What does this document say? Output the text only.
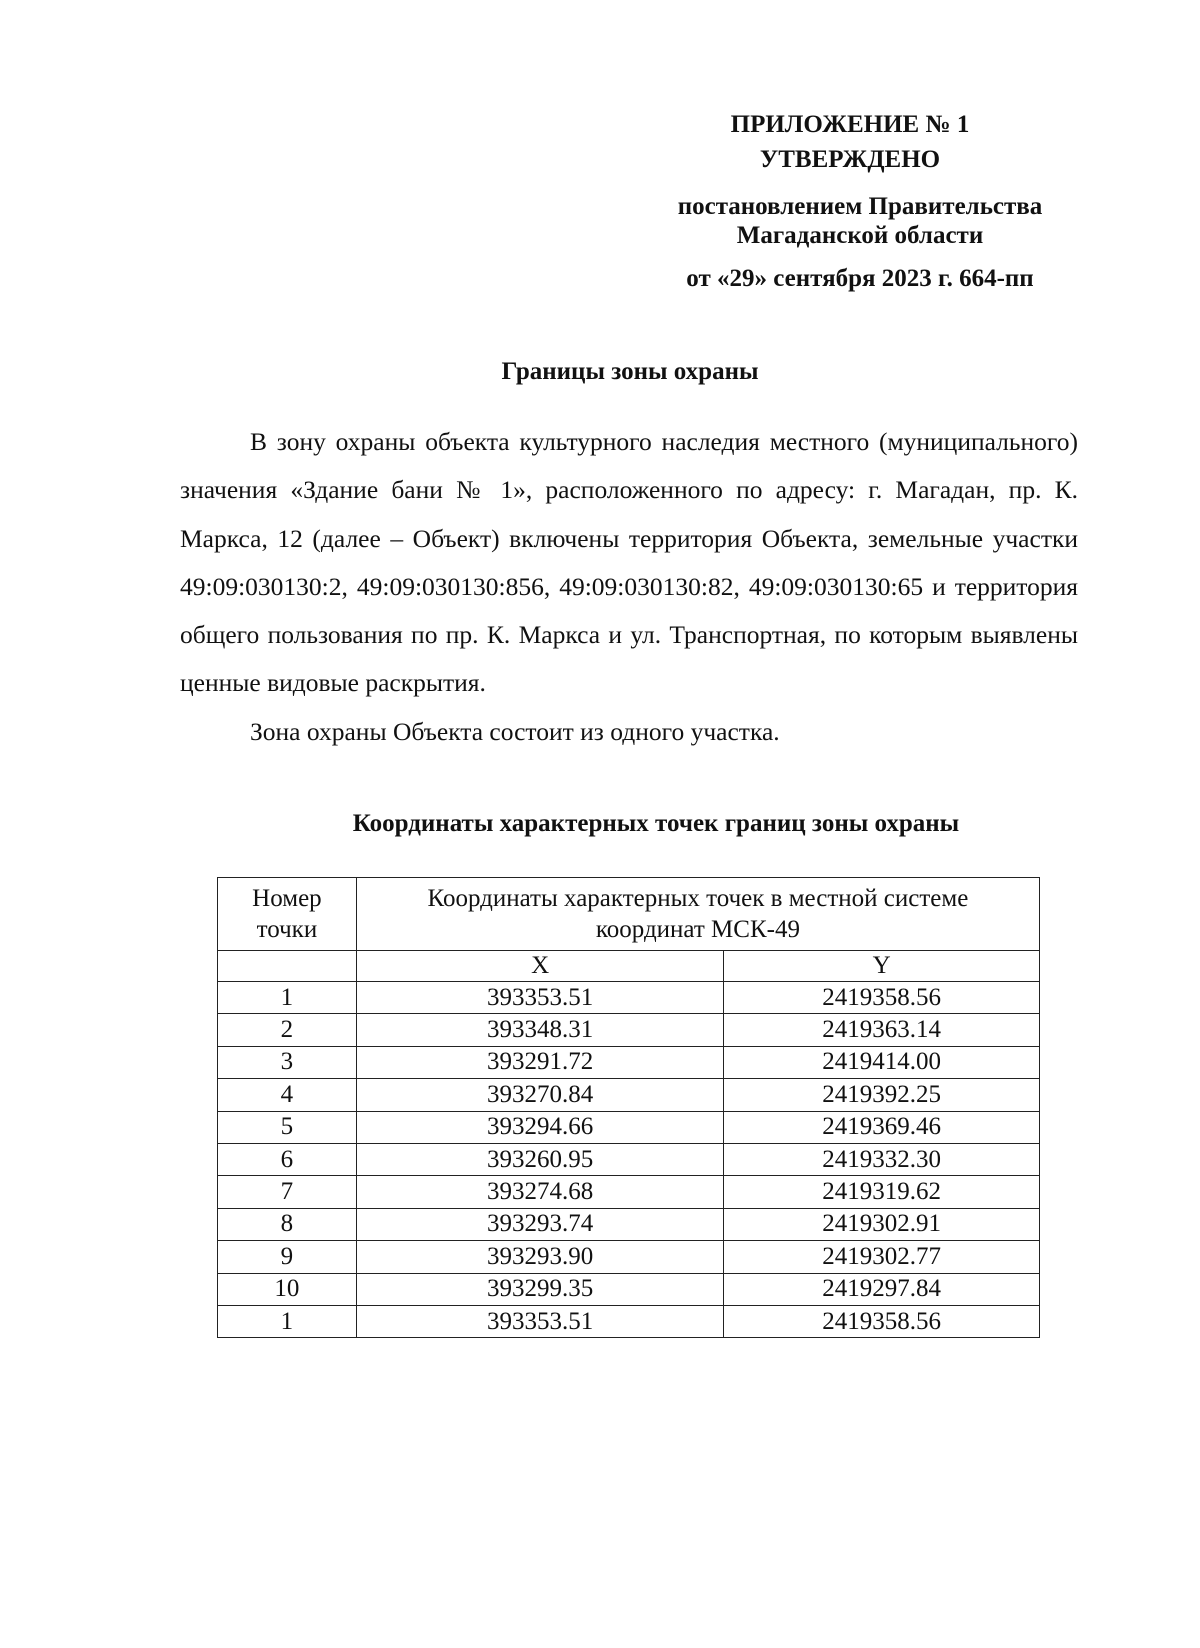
ПРИЛОЖЕНИЕ № 1
УТВЕРЖДЕНО
постановлением Правительства
Магаданской области
от «29» сентября 2023 г. 664-пп
Границы зоны охраны

В зону охраны объекта культурного наследия местного (муниципального) значения «Здание бани № 1», расположенного по адресу: г. Магадан, пр. К. Маркса, 12 (далее – Объект) включены территория Объекта, земельные участки 49:09:030130:2, 49:09:030130:856, 49:09:030130:82, 49:09:030130:65 и территория общего пользования по пр. К. Маркса и ул. Транспортная, по которым выявлены ценные видовые раскрытия.

Зона охраны Объекта состоит из одного участка.

Координаты характерных точек границ зоны охраны
Номер
точки	Координаты характерных точек в местной системе
координат МСК-49	
	X	Y
1	393353.51	2419358.56
2	393348.31	2419363.14
3	393291.72	2419414.00
4	393270.84	2419392.25
5	393294.66	2419369.46
6	393260.95	2419332.30
7	393274.68	2419319.62
8	393293.74	2419302.91
9	393293.90	2419302.77
10	393299.35	2419297.84
1	393353.51	2419358.56
